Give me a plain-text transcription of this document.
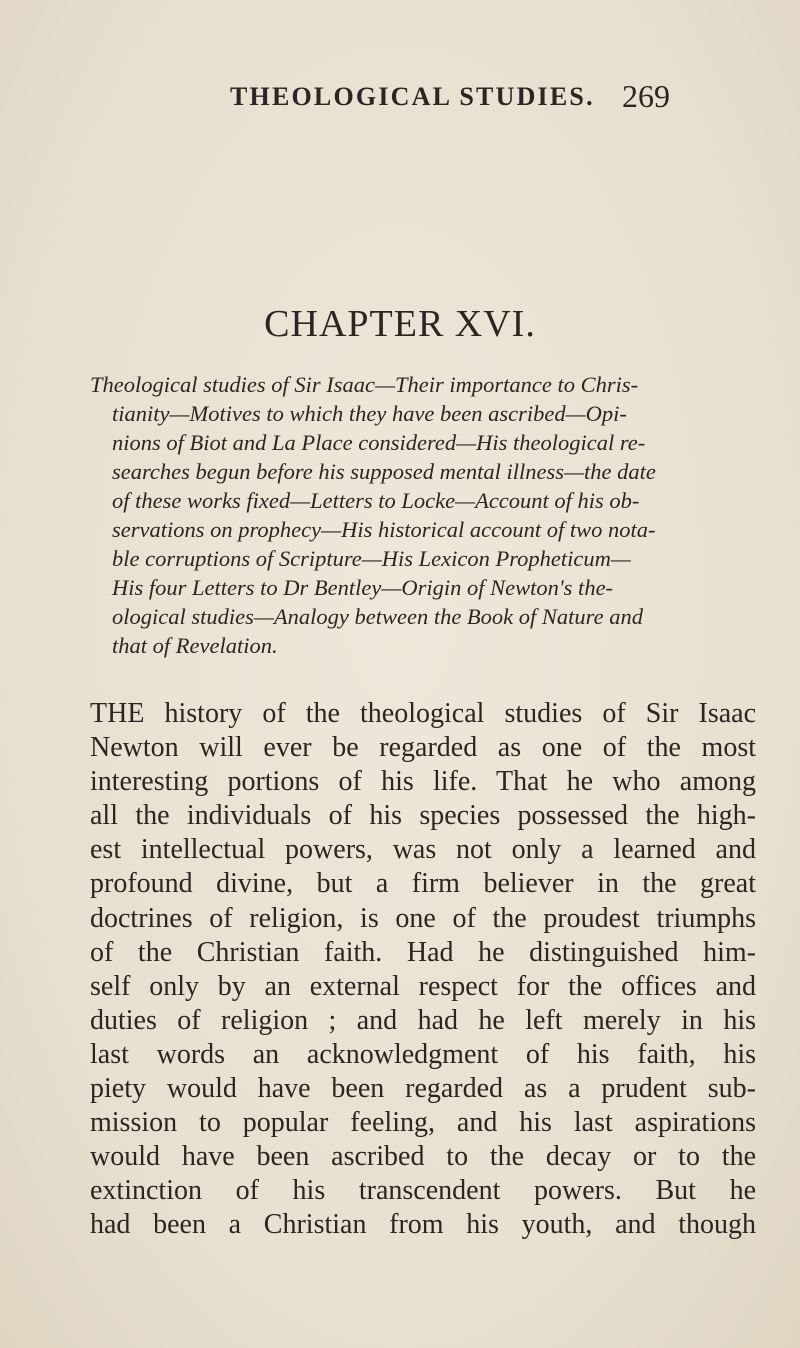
THEOLOGICAL STUDIES. 269
CHAPTER XVI.
Theological studies of Sir Isaac—Their importance to Chris-
tianity—Motives to which they have been ascribed—Opi-
nions of Biot and La Place considered—His theological re-
searches begun before his supposed mental illness—the date
of these works fixed—Letters to Locke—Account of his ob-
servations on prophecy—His historical account of two nota-
ble corruptions of Scripture—His Lexicon Propheticum—
His four Letters to Dr Bentley—Origin of Newton's the-
ological studies—Analogy between the Book of Nature and
that of Revelation.
THE history of the theological studies of Sir Isaac
Newton will ever be regarded as one of the most
interesting portions of his life. That he who among
all the individuals of his species possessed the high-
est intellectual powers, was not only a learned and
profound divine, but a firm believer in the great
doctrines of religion, is one of the proudest triumphs
of the Christian faith. Had he distinguished him-
self only by an external respect for the offices and
duties of religion ; and had he left merely in his
last words an acknowledgment of his faith, his
piety would have been regarded as a prudent sub-
mission to popular feeling, and his last aspirations
would have been ascribed to the decay or to the
extinction of his transcendent powers. But he
had been a Christian from his youth, and though
